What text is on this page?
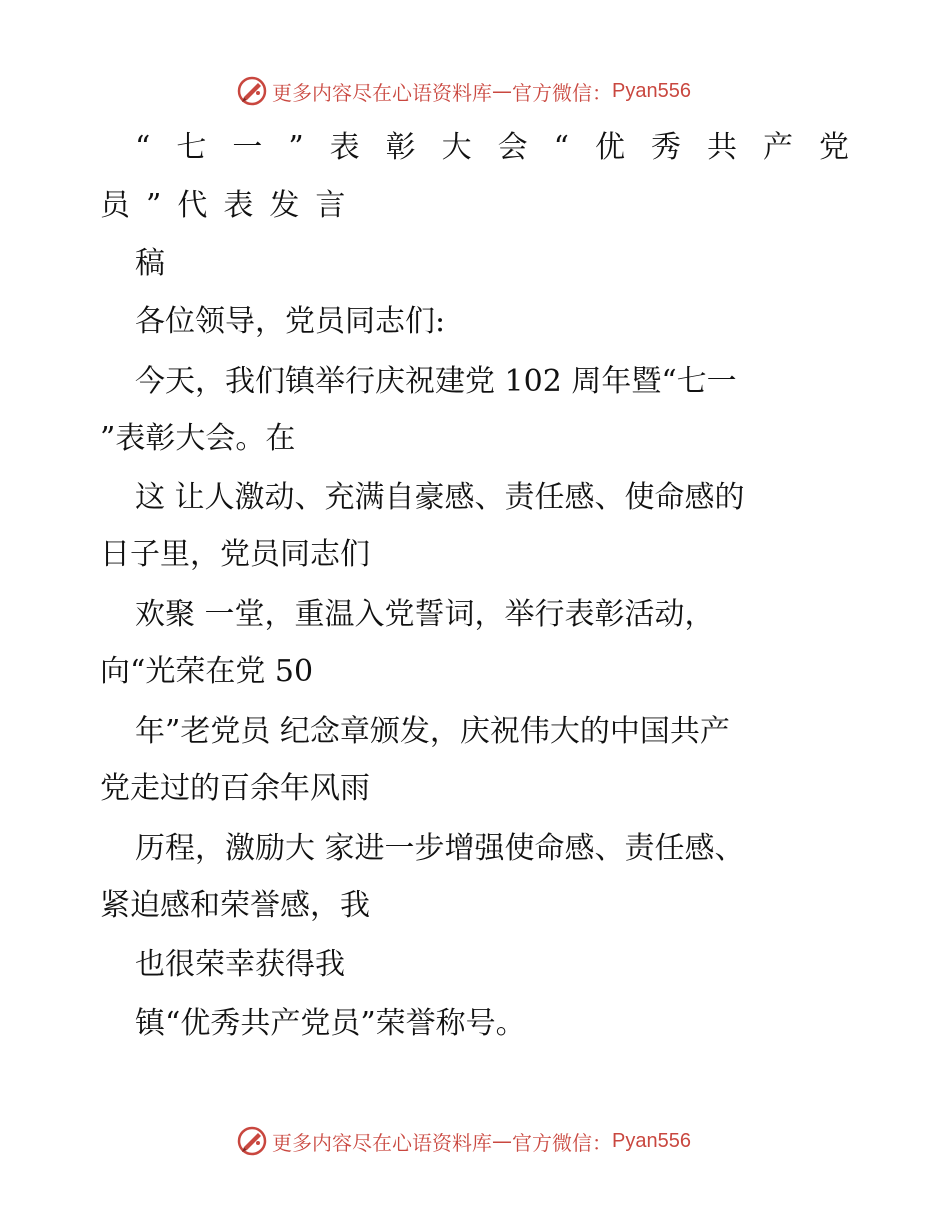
更多内容尽在心语资料库 — 官方微信： Pyan556
“七一”表彰大会“优秀共产党
员”代表发言
稿
各位领导，党员同志们:
今天，我们镇举行庆祝建党 102 周年暨“七一
”表彰大会。在
这 让人激动、充满自豪感、责任感、使命感的
日子里，党员同志们
欢聚 一堂，重温入党誓词，举行表彰活动，
向“光荣在党 50
年”老党员 纪念章颁发，庆祝伟大的中国共产
党走过的百余年风雨
历程，激励大 家进一步增强使命感、责任感、
紧迫感和荣誉感，我
也很荣幸获得我
镇“优秀共产党员”荣誉称号。
更多内容尽在心语资料库 — 官方微信： Pyan556
